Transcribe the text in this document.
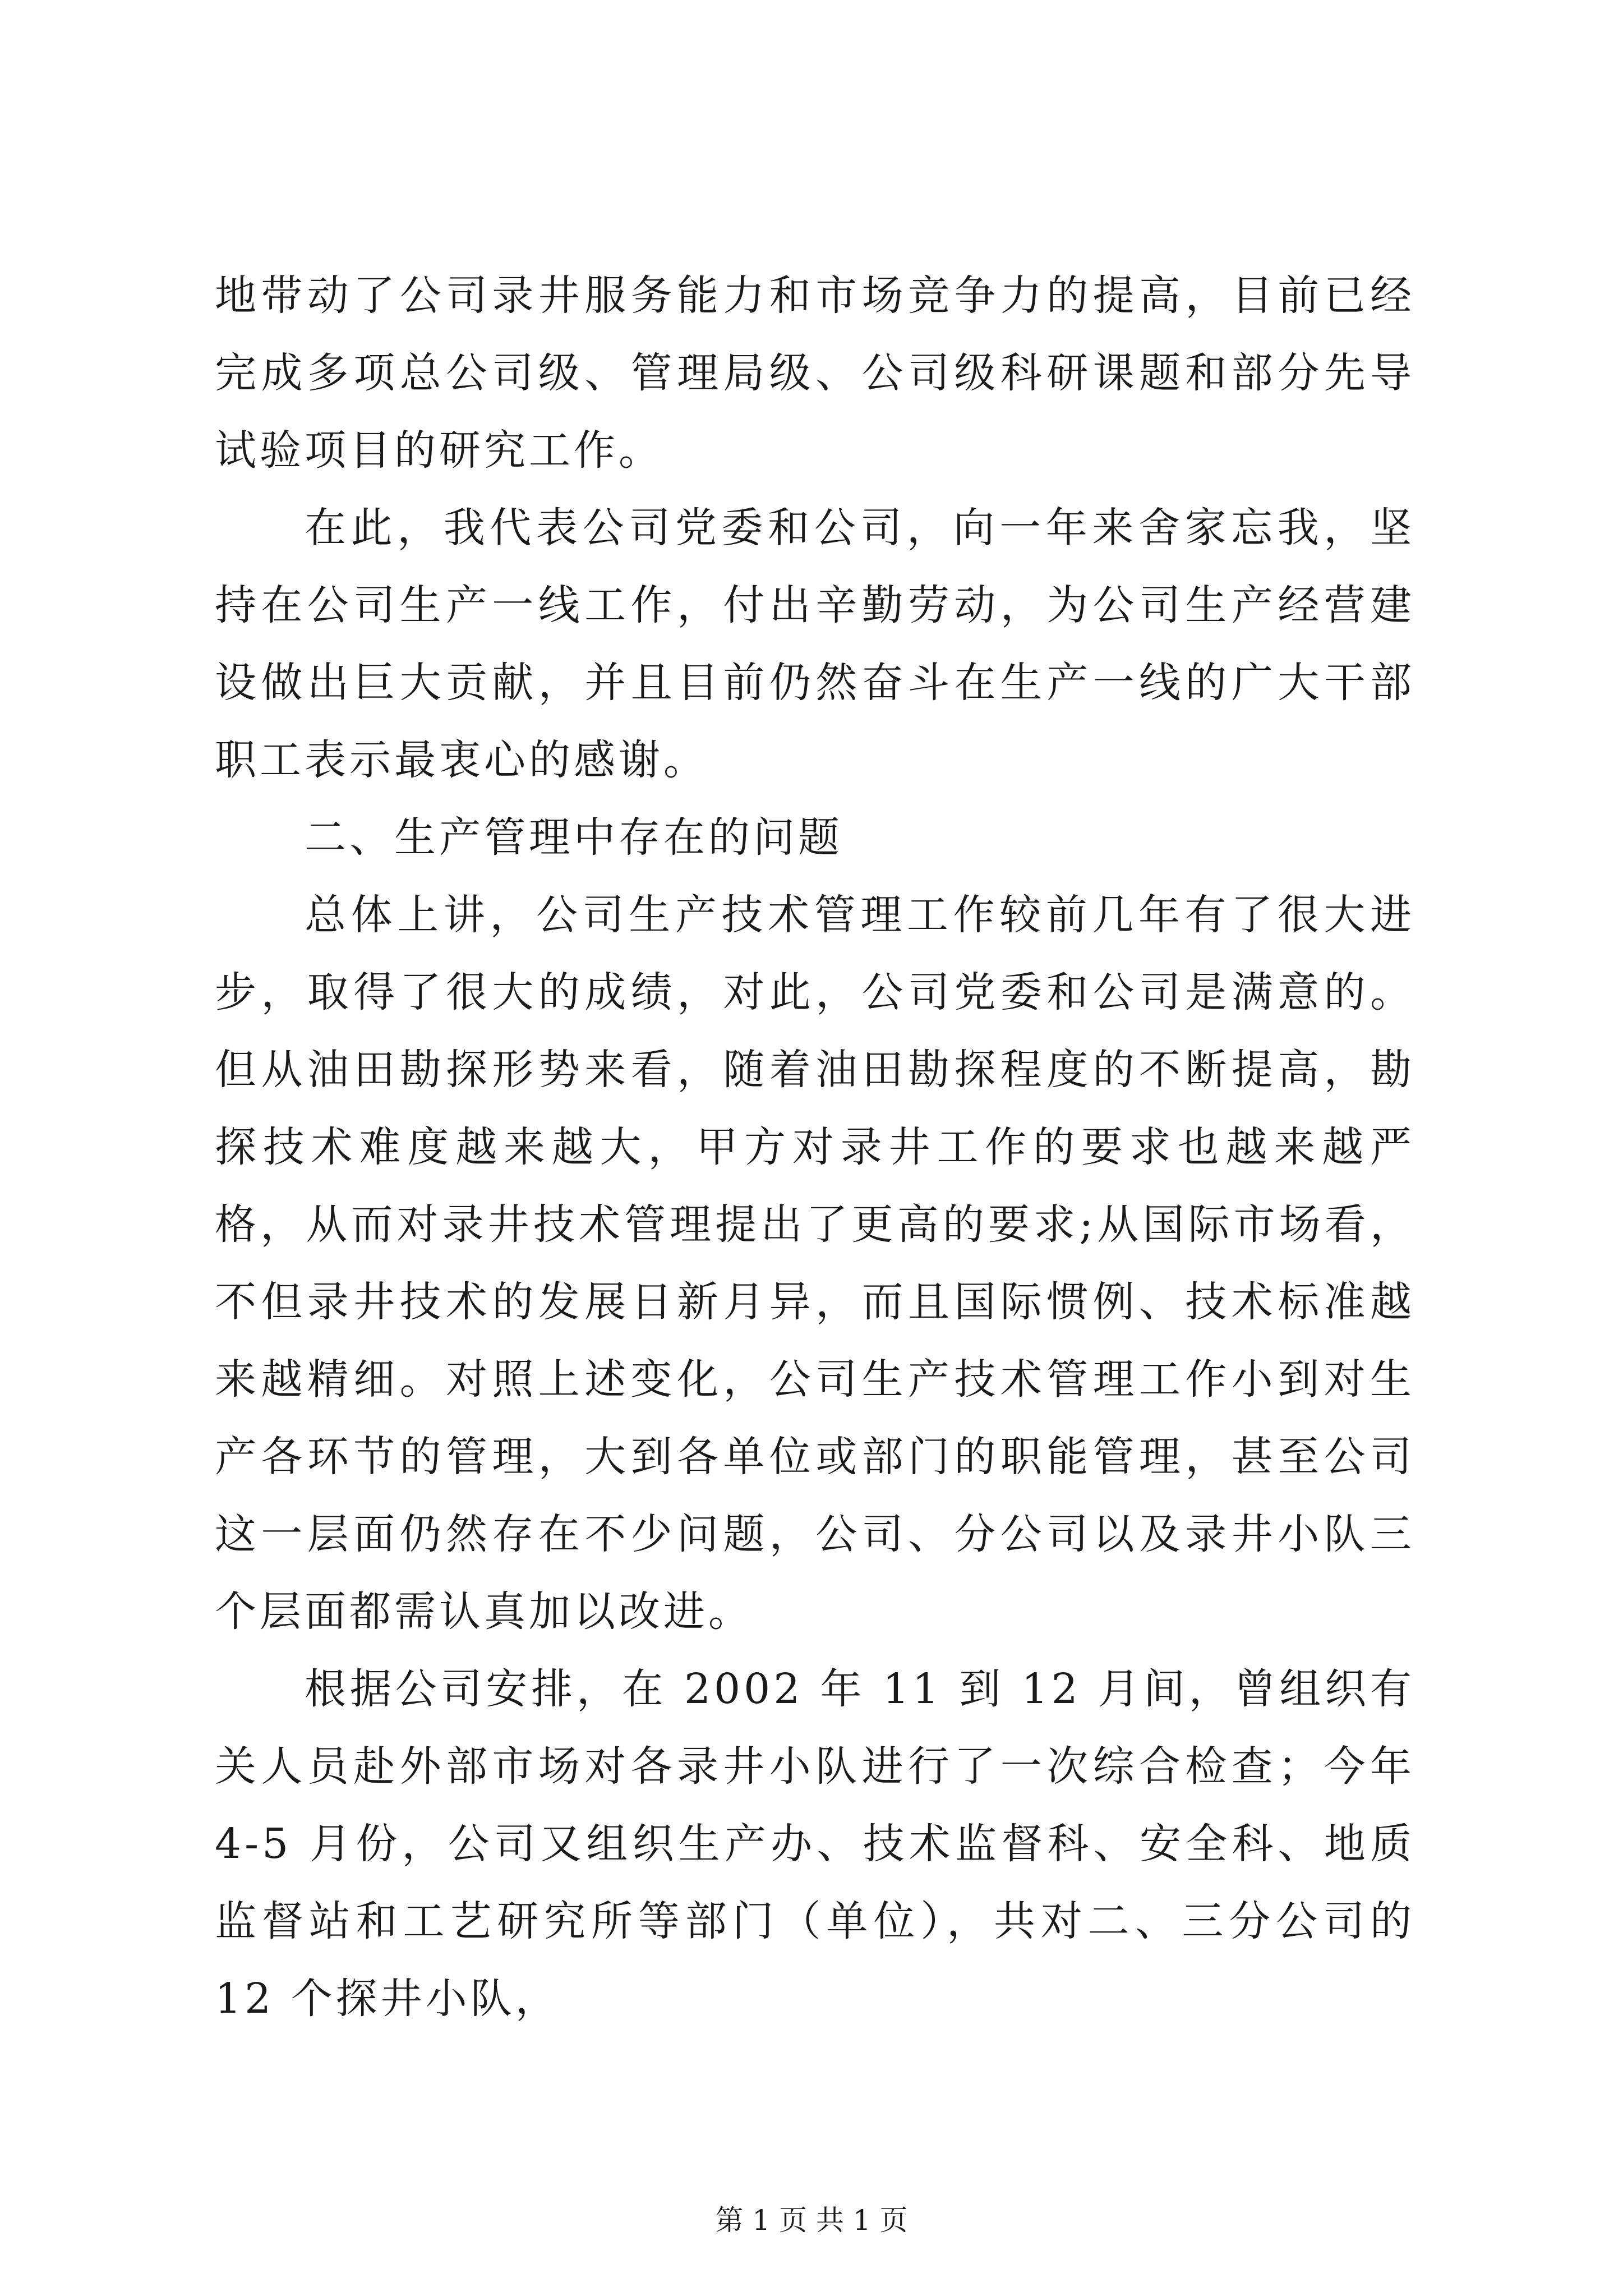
地带动了公司录井服务能力和市场竞争力的提高，目前已经完成多项总公司级、管理局级、公司级科研课题和部分先导试验项目的研究工作。

在此，我代表公司党委和公司，向一年来舍家忘我，坚持在公司生产一线工作，付出辛勤劳动，为公司生产经营建设做出巨大贡献，并且目前仍然奋斗在生产一线的广大干部职工表示最衷心的感谢。

二、生产管理中存在的问题

总体上讲，公司生产技术管理工作较前几年有了很大进步，取得了很大的成绩，对此，公司党委和公司是满意的。但从油田勘探形势来看，随着油田勘探程度的不断提高，勘探技术难度越来越大，甲方对录井工作的要求也越来越严格，从而对录井技术管理提出了更高的要求;从国际市场看，不但录井技术的发展日新月异，而且国际惯例、技术标准越来越精细。对照上述变化，公司生产技术管理工作小到对生产各环节的管理，大到各单位或部门的职能管理，甚至公司这一层面仍然存在不少问题，公司、分公司以及录井小队三个层面都需认真加以改进。

根据公司安排，在 2002 年 11 到 12 月间，曾组织有关人员赴外部市场对各录井小队进行了一次综合检查；今年 4-5 月份，公司又组织生产办、技术监督科、安全科、地质监督站和工艺研究所等部门（单位），共对二、三分公司的 12 个探井小队，

第 1 页 共 1 页
